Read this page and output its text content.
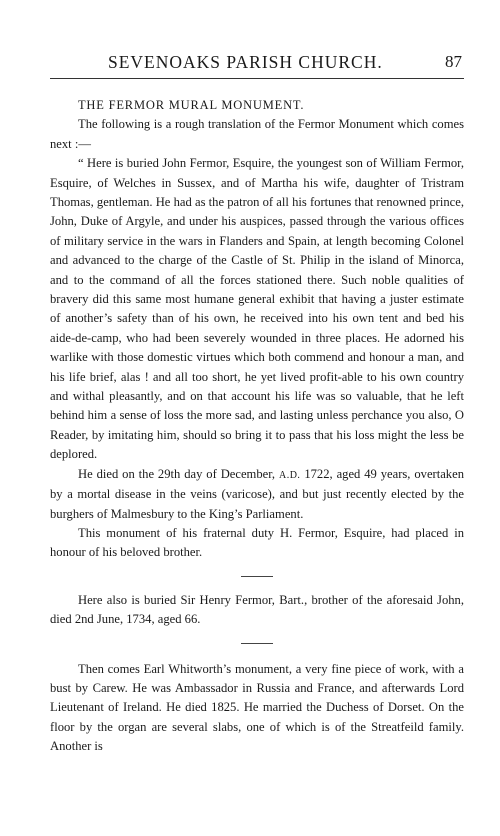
SEVENOAKS PARISH CHURCH.	87

THE FERMOR MURAL MONUMENT.

The following is a rough translation of the Fermor Monument which comes next :—

“ Here is buried John Fermor, Esquire, the youngest son of William Fermor, Esquire, of Welches in Sussex, and of Martha his wife, daughter of Tristram Thomas, gentleman. He had as the patron of all his fortunes that renowned prince, John, Duke of Argyle, and under his auspices, passed through the various offices of military service in the wars in Flanders and Spain, at length becoming Colonel and advanced to the charge of the Castle of St. Philip in the island of Minorca, and to the command of all the forces stationed there. Such noble qualities of bravery did this same most humane general exhibit that having a juster estimate of another’s safety than of his own, he received into his own tent and bed his aide-de-camp, who had been severely wounded in three places. He adorned his warlike with those domestic virtues which both commend and honour a man, and his life brief, alas ! and all too short, he yet lived profit-able to his own country and withal pleasantly, and on that account his life was so valuable, that he left behind him a sense of loss the more sad, and lasting unless perchance you also, O Reader, by imitating him, should so bring it to pass that his loss might the less be deplored.

He died on the 29th day of December, A.D. 1722, aged 49 years, overtaken by a mortal disease in the veins (varicose), and but just recently elected by the burghers of Malmesbury to the King’s Parliament.

This monument of his fraternal duty H. Fermor, Esquire, had placed in honour of his beloved brother.

Here also is buried Sir Henry Fermor, Bart., brother of the aforesaid John, died 2nd June, 1734, aged 66.

Then comes Earl Whitworth’s monument, a very fine piece of work, with a bust by Carew. He was Ambassador in Russia and France, and afterwards Lord Lieutenant of Ireland. He died 1825. He married the Duchess of Dorset. On the floor by the organ are several slabs, one of which is of the Streatfeild family. Another is
